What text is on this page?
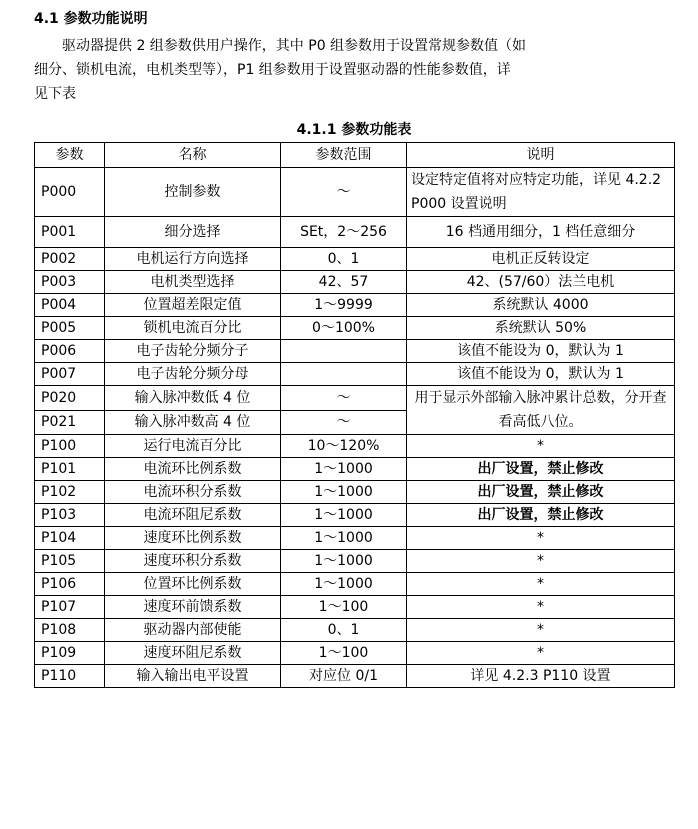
4.1 参数功能说明

驱动器提供 2 组参数供用户操作，其中 P0 组参数用于设置常规参数值（如

细分、锁机电流，电机类型等），P1 组参数用于设置驱动器的性能参数值，详

见下表

4.1.1 参数功能表
参数	名称	参数范围	说明
P000	控制参数	～	设定特定值将对应特定功能，详见 4.2.2 P000 设置说明
P001	细分选择	SEt，2～256	16 档通用细分，1 档任意细分
P002	电机运行方向选择	0、1	电机正反转设定
P003	电机类型选择	42、57	42、(57/60）法兰电机
P004	位置超差限定值	1～9999	系统默认 4000
P005	锁机电流百分比	0～100%	系统默认 50%
P006	电子齿轮分频分子		该值不能设为 0，默认为 1
P007	电子齿轮分频分母		该值不能设为 0，默认为 1
P020	输入脉冲数低 4 位	～	用于显示外部输入脉冲累计总数，分开查看高低八位。
P021	输入脉冲数高 4 位	～	
P100	运行电流百分比	10～120%	*
P101	电流环比例系数	1～1000	出厂设置，禁止修改
P102	电流环积分系数	1～1000	出厂设置，禁止修改
P103	电流环阻尼系数	1～1000	出厂设置，禁止修改
P104	速度环比例系数	1～1000	*
P105	速度环积分系数	1～1000	*
P106	位置环比例系数	1～1000	*
P107	速度环前馈系数	1～100	*
P108	驱动器内部使能	0、1	*
P109	速度环阻尼系数	1～100	*
P110	输入输出电平设置	对应位 0/1	详见 4.2.3 P110 设置
